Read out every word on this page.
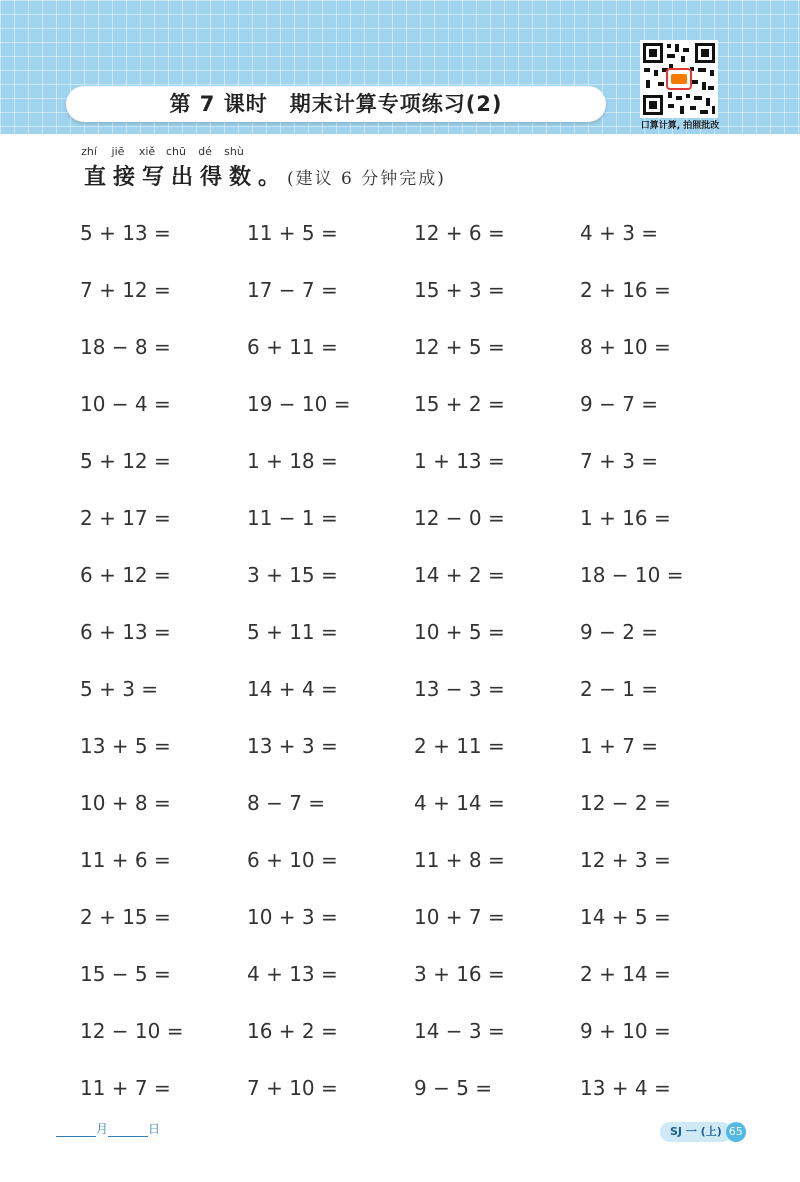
第 7 课时 期末计算专项练习(2)
口算计算, 拍照批改
zhí	jiē	xiě chū	dé	shù
直接写出得数。(建议 6 分钟完成)
5 + 13 =	11 + 5 =	12 + 6 =	4 + 3 =
7 + 12 =	17 − 7 =	15 + 3 =	2 + 16 =
18 − 8 =	6 + 11 =	12 + 5 =	8 + 10 =
10 − 4 =	19 − 10 =	15 + 2 =	9 − 7 =
5 + 12 =	1 + 18 =	1 + 13 =	7 + 3 =
2 + 17 =	11 − 1 =	12 − 0 =	1 + 16 =
6 + 12 =	3 + 15 =	14 + 2 =	18 − 10 =
6 + 13 =	5 + 11 =	10 + 5 =	9 − 2 =
5 + 3 =	14 + 4 =	13 − 3 =	2 − 1 =
13 + 5 =	13 + 3 =	2 + 11 =	1 + 7 =
10 + 8 =	8 − 7 =	4 + 14 =	12 − 2 =
11 + 6 =	6 + 10 =	11 + 8 =	12 + 3 =
2 + 15 =	10 + 3 =	10 + 7 =	14 + 5 =
15 − 5 =	4 + 13 =	3 + 16 =	2 + 14 =
12 − 10 =	16 + 2 =	14 − 3 =	9 + 10 =
11 + 7 =	7 + 10 =	9 − 5 =	13 + 4 =
月	日	SJ 一 (上) 65
